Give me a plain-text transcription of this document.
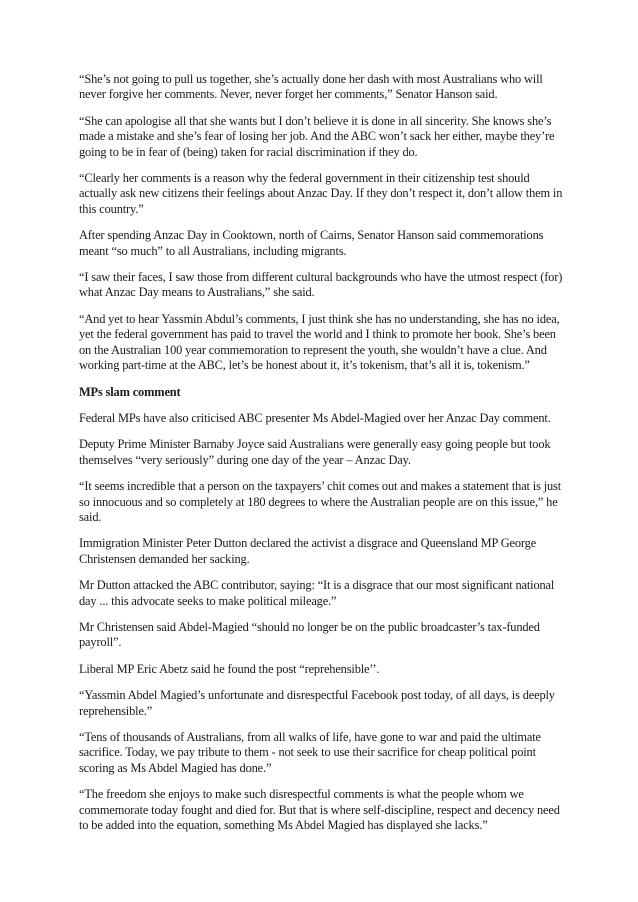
“She’s not going to pull us together, she’s actually done her dash with most Australians who will never forgive her comments. Never, never forget her comments,” Senator Hanson said.

“She can apologise all that she wants but I don’t believe it is done in all sincerity. She knows she’s made a mistake and she’s fear of losing her job. And the ABC won’t sack her either, maybe they’re going to be in fear of (being) taken for racial discrimination if they do.

“Clearly her comments is a reason why the federal government in their citizenship test should actually ask new citizens their feelings about Anzac Day. If they don’t respect it, don’t allow them in this country.”

After spending Anzac Day in Cooktown, north of Cairns, Senator Hanson said commemorations meant “so much” to all Australians, including migrants.

“I saw their faces, I saw those from different cultural backgrounds who have the utmost respect (for) what Anzac Day means to Australians,” she said.

“And yet to hear Yassmin Abdul’s comments, I just think she has no understanding, she has no idea, yet the federal government has paid to travel the world and I think to promote her book. She’s been on the Australian 100 year commemoration to represent the youth, she wouldn’t have a clue. And working part-time at the ABC, let’s be honest about it, it’s tokenism, that’s all it is, tokenism.”

MPs slam comment

Federal MPs have also criticised ABC presenter Ms Abdel-Magied over her Anzac Day comment.

Deputy Prime Minister Barnaby Joyce said Australians were generally easy going people but took themselves “very seriously” during one day of the year – Anzac Day.

“It seems incredible that a person on the taxpayers’ chit comes out and makes a statement that is just so innocuous and so completely at 180 degrees to where the Australian people are on this issue,” he said.

Immigration Minister Peter Dutton declared the activist a disgrace and Queensland MP George Christensen demanded her sacking.

Mr Dutton attacked the ABC contributor, saying: “It is a disgrace that our most significant national day ... this advocate seeks to make political mileage.”

Mr Christensen said Abdel-Magied “should no longer be on the public broadcaster’s tax-funded payroll”.

Liberal MP Eric Abetz said he found the post “reprehensible’’.

“Yassmin Abdel Magied’s unfortunate and disrespectful Facebook post today, of all days, is deeply reprehensible.”

“Tens of thousands of Australians, from all walks of life, have gone to war and paid the ultimate sacrifice. Today, we pay tribute to them - not seek to use their sacrifice for cheap political point scoring as Ms Abdel Magied has done.”

“The freedom she enjoys to make such disrespectful comments is what the people whom we commemorate today fought and died for. But that is where self-discipline, respect and decency need to be added into the equation, something Ms Abdel Magied has displayed she lacks.”
